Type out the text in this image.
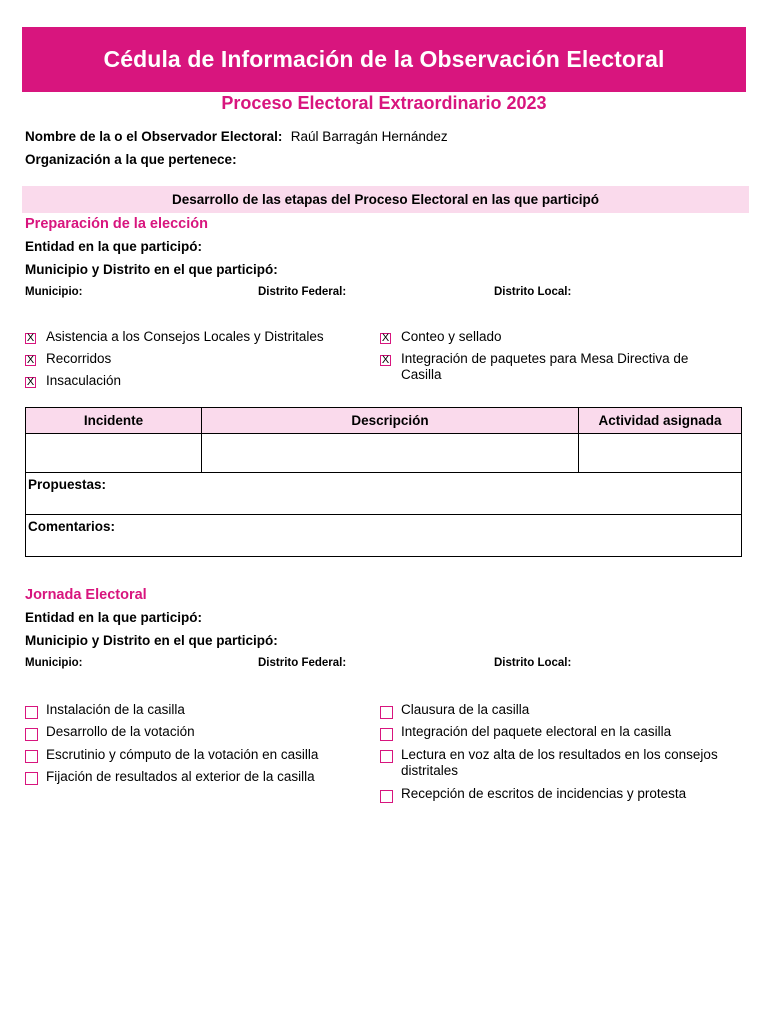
Cédula de Información de la Observación Electoral
Proceso Electoral Extraordinario 2023
Nombre de la o el Observador Electoral: Raúl Barragán Hernández
Organización a la que pertenece:
Desarrollo de las etapas del Proceso Electoral en las que participó
Preparación de la elección
Entidad en la que participó:
Municipio y Distrito en el que participó:
Municipio:	Distrito Federal:	Distrito Local:
X Asistencia a los Consejos Locales y Distritales
X Recorridos
X Insaculación
X Conteo y sellado
X Integración de paquetes para Mesa Directiva de Casilla
Incidente	Descripción	Actividad asignada

Propuestas:		

Comentarios:		
Jornada Electoral
Entidad en la que participó:
Municipio y Distrito en el que participó:
Municipio:	Distrito Federal:	Distrito Local:
Instalación de la casilla
Desarrollo de la votación
Escrutinio y cómputo de la votación en casilla
Fijación de resultados al exterior de la casilla
Clausura de la casilla
Integración del paquete electoral en la casilla
Lectura en voz alta de los resultados en los consejos distritales
Recepción de escritos de incidencias y protesta
